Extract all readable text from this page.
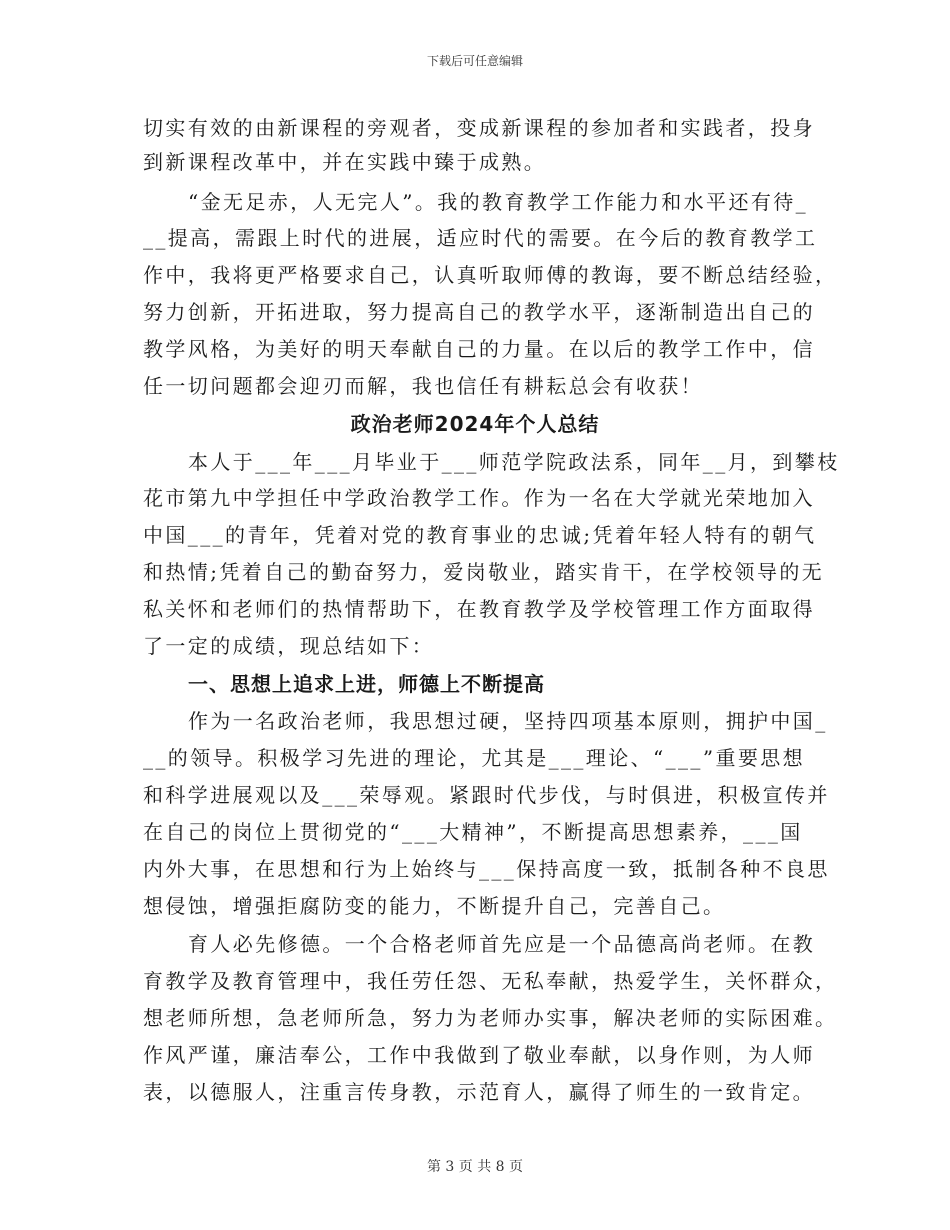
下载后可任意编辑
切实有效的由新课程的旁观者，变成新课程的参加者和实践者，投身
到新课程改革中，并在实践中臻于成熟。
“金无足赤，人无完人”。我的教育教学工作能力和水平还有待_
__提高，需跟上时代的进展，适应时代的需要。在今后的教育教学工
作中，我将更严格要求自己，认真听取师傅的教诲，要不断总结经验，
努力创新，开拓进取，努力提高自己的教学水平，逐渐制造出自己的
教学风格，为美好的明天奉献自己的力量。在以后的教学工作中，信
任一切问题都会迎刃而解，我也信任有耕耘总会有收获！
政治老师2024年个人总结
本人于___年___月毕业于___师范学院政法系，同年__月，到攀枝
花市第九中学担任中学政治教学工作。作为一名在大学就光荣地加入
中国___的青年，凭着对党的教育事业的忠诚;凭着年轻人特有的朝气
和热情;凭着自己的勤奋努力，爱岗敬业，踏实肯干，在学校领导的无
私关怀和老师们的热情帮助下，在教育教学及学校管理工作方面取得
了一定的成绩，现总结如下：
一、思想上追求上进，师德上不断提高
作为一名政治老师，我思想过硬，坚持四项基本原则，拥护中国_
__的领导。积极学习先进的理论，尤其是___理论、“___”重要思想
和科学进展观以及___荣辱观。紧跟时代步伐，与时俱进，积极宣传并
在自己的岗位上贯彻党的“___大精神”，不断提高思想素养，___国
内外大事，在思想和行为上始终与___保持高度一致，抵制各种不良思
想侵蚀，增强拒腐防变的能力，不断提升自己，完善自己。
育人必先修德。一个合格老师首先应是一个品德高尚老师。在教
育教学及教育管理中，我任劳任怨、无私奉献，热爱学生，关怀群众，
想老师所想，急老师所急，努力为老师办实事，解决老师的实际困难。
作风严谨，廉洁奉公，工作中我做到了敬业奉献，以身作则，为人师
表，以德服人，注重言传身教，示范育人，赢得了师生的一致肯定。
第 3 页 共 8 页
